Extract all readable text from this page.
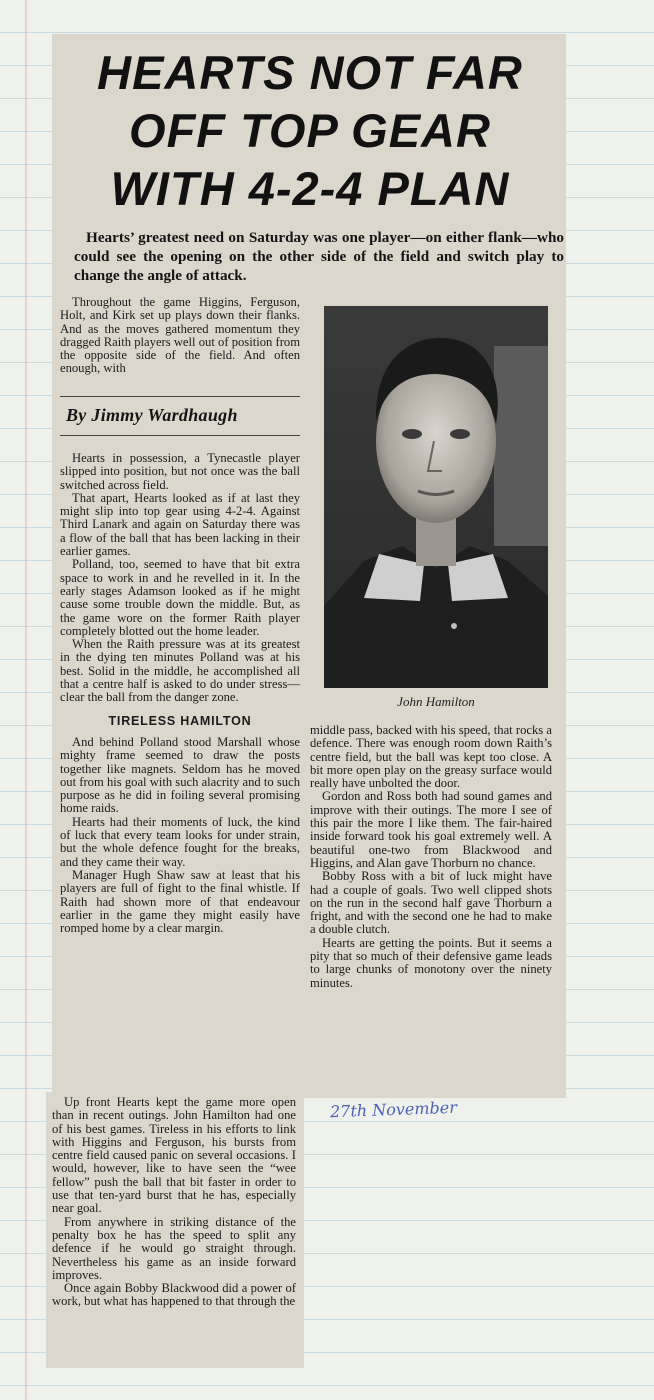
HEARTS NOT FAR
OFF TOP GEAR
WITH 4-2-4 PLAN
Hearts’ greatest need on Saturday was one player—on either flank—who could see the opening on the other side of the field and switch play to change the angle of attack.

Throughout the game Higgins, Ferguson, Holt, and Kirk set up plays down their flanks. And as the moves gathered momentum they dragged Raith players well out of position from the opposite side of the field. And often enough, with

By Jimmy Wardhaugh

Hearts in possession, a Tynecastle player slipped into position, but not once was the ball switched across field.

That apart, Hearts looked as if at last they might slip into top gear using 4-2-4. Against Third Lanark and again on Saturday there was a flow of the ball that has been lacking in their earlier games.

Polland, too, seemed to have that bit extra space to work in and he revelled in it. In the early stages Adamson looked as if he might cause some trouble down the middle. But, as the game wore on the former Raith player completely blotted out the home leader.

When the Raith pressure was at its greatest in the dying ten minutes Polland was at his best. Solid in the middle, he accomplished all that a centre half is asked to do under stress—clear the ball from the danger zone.

TIRELESS HAMILTON

And behind Polland stood Marshall whose mighty frame seemed to draw the posts together like magnets. Seldom has he moved out from his goal with such alacrity and to such purpose as he did in foiling several promising home raids.

Hearts had their moments of luck, the kind of luck that every team looks for under strain, but the whole defence fought for the breaks, and they came their way.

Manager Hugh Shaw saw at least that his players are full of fight to the final whistle. If Raith had shown more of that endeavour earlier in the game they might easily have romped home by a clear margin.

John Hamilton

middle pass, backed with his speed, that rocks a defence. There was enough room down Raith’s centre field, but the ball was kept too close. A bit more open play on the greasy surface would really have unbolted the door.

Gordon and Ross both had sound games and improve with their outings. The more I see of this pair the more I like them. The fair-haired inside forward took his goal extremely well. A beautiful one-two from Blackwood and Higgins, and Alan gave Thorburn no chance.

Bobby Ross with a bit of luck might have had a couple of goals. Two well clipped shots on the run in the second half gave Thorburn a fright, and with the second one he had to make a double clutch.

Hearts are getting the points. But it seems a pity that so much of their defensive game leads to large chunks of monotony over the ninety minutes.

Up front Hearts kept the game more open than in recent outings. John Hamilton had one of his best games. Tireless in his efforts to link with Higgins and Ferguson, his bursts from centre field caused panic on several occasions. I would, however, like to have seen the “wee fellow” push the ball that bit faster in order to use that ten-yard burst that he has, especially near goal.

From anywhere in striking distance of the penalty box he has the speed to split any defence if he would go straight through. Nevertheless his game as an inside forward improves.

Once again Bobby Blackwood did a power of work, but what has happened to that through the

27th November
